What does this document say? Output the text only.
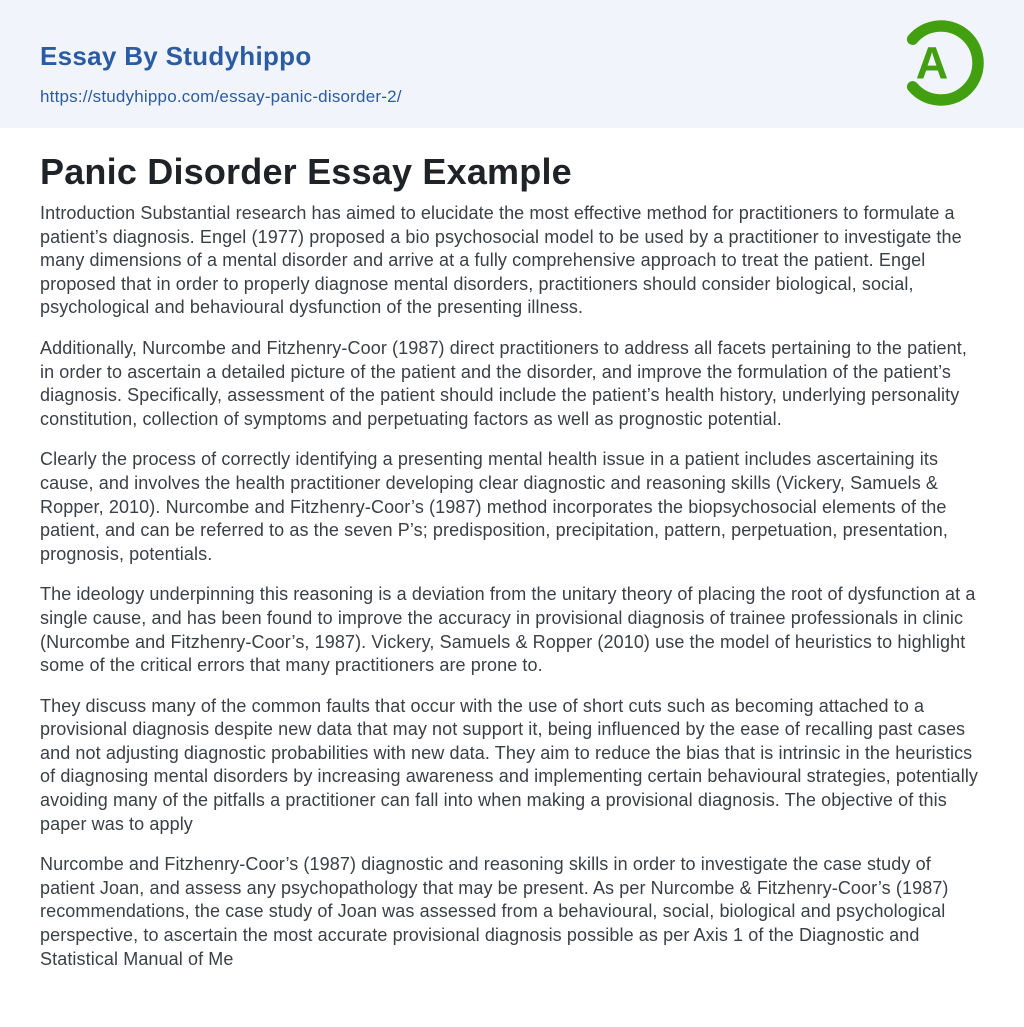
Essay By Studyhippo
https://studyhippo.com/essay-panic-disorder-2/
A
Panic Disorder Essay Example

Introduction Substantial research has aimed to elucidate the most effective method for practitioners to formulate a patient’s diagnosis. Engel (1977) proposed a bio psychosocial model to be used by a practitioner to investigate the many dimensions of a mental disorder and arrive at a fully comprehensive approach to treat the patient. Engel proposed that in order to properly diagnose mental disorders, practitioners should consider biological, social, psychological and behavioural dysfunction of the presenting illness.

Additionally, Nurcombe and Fitzhenry-Coor (1987) direct practitioners to address all facets pertaining to the patient, in order to ascertain a detailed picture of the patient and the disorder, and improve the formulation of the patient’s diagnosis. Specifically, assessment of the patient should include the patient’s health history, underlying personality constitution, collection of symptoms and perpetuating factors as well as prognostic potential.

Clearly the process of correctly identifying a presenting mental health issue in a patient includes ascertaining its cause, and involves the health practitioner developing clear diagnostic and reasoning skills (Vickery, Samuels & Ropper, 2010). Nurcombe and Fitzhenry-Coor’s (1987) method incorporates the biopsychosocial elements of the patient, and can be referred to as the seven P’s; predisposition, precipitation, pattern, perpetuation, presentation, prognosis, potentials.

The ideology underpinning this reasoning is a deviation from the unitary theory of placing the root of dysfunction at a single cause, and has been found to improve the accuracy in provisional diagnosis of trainee professionals in clinic (Nurcombe and Fitzhenry-Coor’s, 1987). Vickery, Samuels & Ropper (2010) use the model of heuristics to highlight some of the critical errors that many practitioners are prone to.

They discuss many of the common faults that occur with the use of short cuts such as becoming attached to a provisional diagnosis despite new data that may not support it, being influenced by the ease of recalling past cases and not adjusting diagnostic probabilities with new data. They aim to reduce the bias that is intrinsic in the heuristics of diagnosing mental disorders by increasing awareness and implementing certain behavioural strategies, potentially avoiding many of the pitfalls a practitioner can fall into when making a provisional diagnosis. The objective of this paper was to apply

Nurcombe and Fitzhenry-Coor’s (1987) diagnostic and reasoning skills in order to investigate the case study of patient Joan, and assess any psychopathology that may be present. As per Nurcombe & Fitzhenry-Coor’s (1987) recommendations, the case study of Joan was assessed from a behavioural, social, biological and psychological perspective, to ascertain the most accurate provisional diagnosis possible as per Axis 1 of the Diagnostic and Statistical Manual of Me
